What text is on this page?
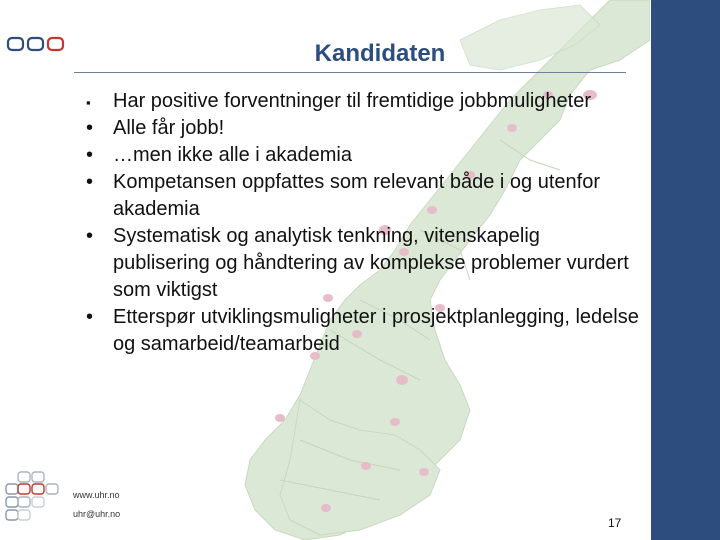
Kandidaten
▪	Har positive forventninger til fremtidige jobbmuligheter
• Alle får jobb!
• …men ikke alle i akademia
• Kompetansen oppfattes som relevant både i og utenfor akademia
• Systematisk og analytisk tenkning, vitenskapelig publisering og håndtering av komplekse problemer vurdert som viktigst
• Etterspør utviklingsmuligheter i prosjektplanlegging, ledelse og samarbeid/teamarbeid
www.uhr.no
uhr@uhr.no
17
